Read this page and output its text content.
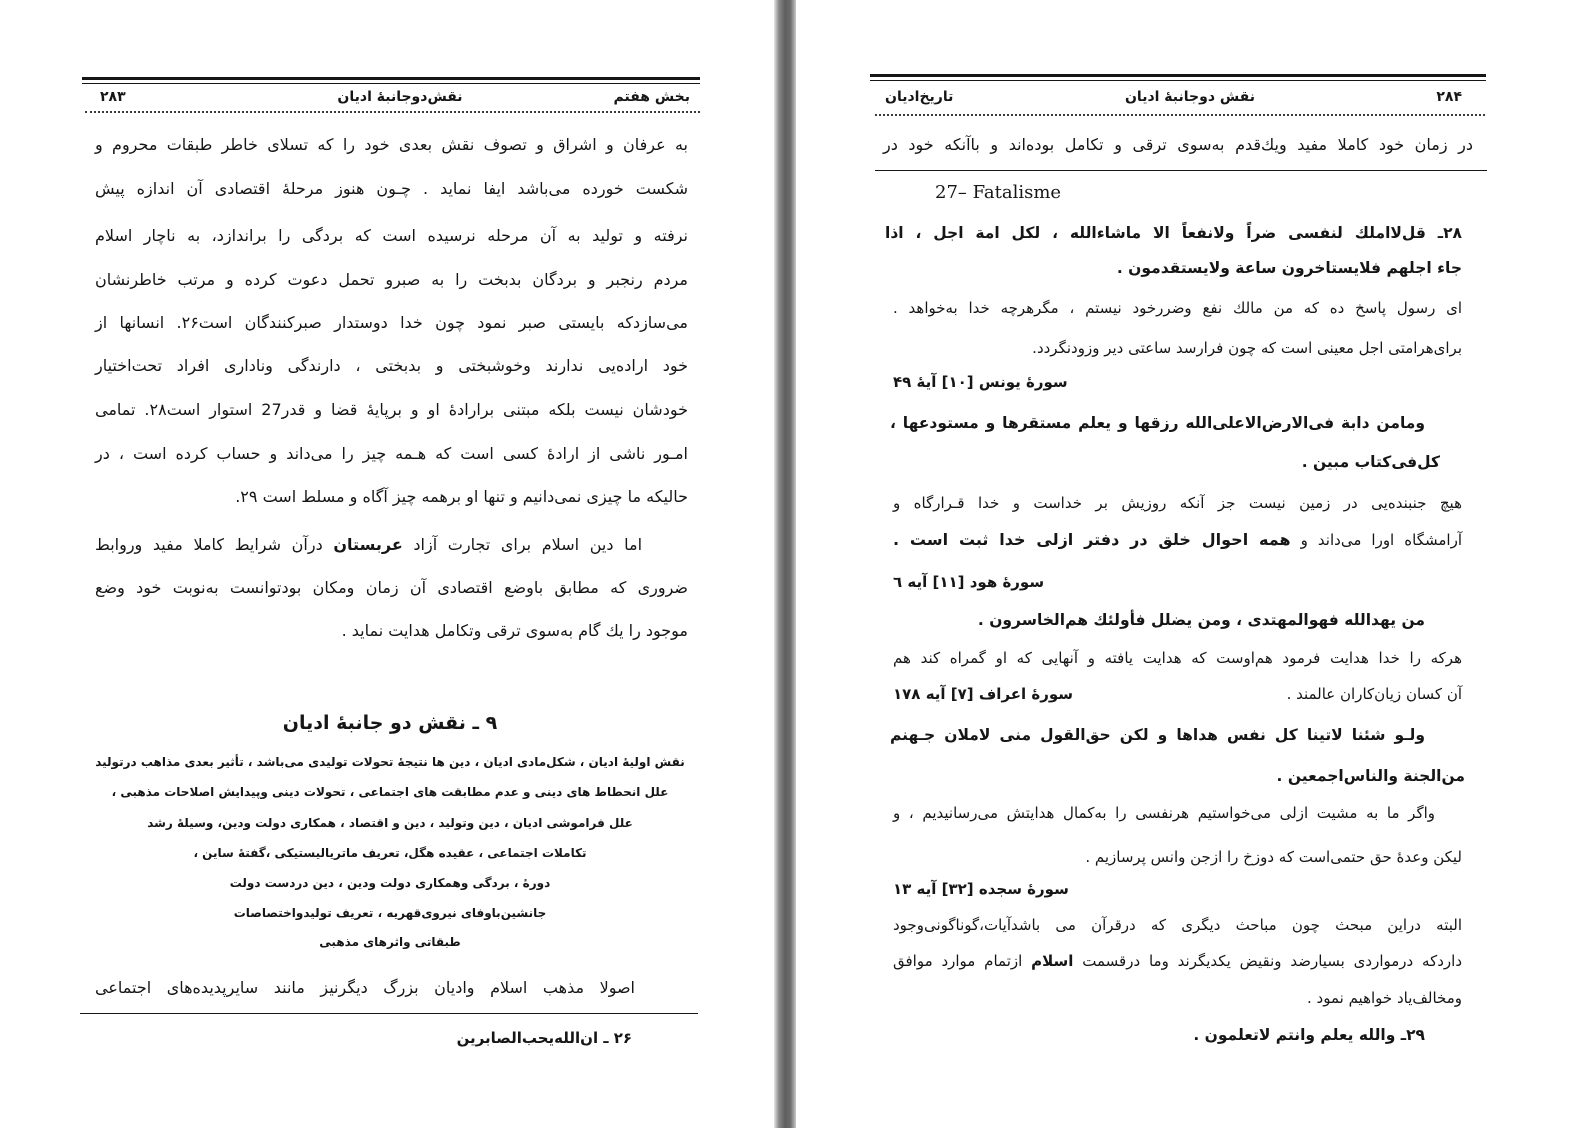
بخش هفتم
نقش‌دوجانبهٔ ادیان
۲۸۳
به عرفان و اشراق و تصوف نقش بعدی خود را که تسلای خاطر طبقات محروم و
شکست خورده می‌باشد ایفا نماید . چـون هنوز مرحلهٔ اقتصادی آن اندازه پیش
نرفته و تولید به آن مرحله نرسیده است که بردگی را براندازد، به ناچار اسلام
مردم رنجبر و بردگان بدبخت را به صبرو تحمل دعوت کرده و مرتب خاطرنشان
می‌سازدکه بایستی صبر نمود چون خدا دوستدار صبرکنندگان است۲۶. انسانها از
خود اراده‌یی ندارند وخوشبختی و بدبختی ، دارندگی وناداری افراد تحت‌اختیار
خودشان نیست بلکه مبتنی برارادهٔ او و برپایهٔ قضا و قدر27 استوار است۲۸. تمامی
امـور ناشی از ارادهٔ کسی است که هـمه چیز را می‌داند و حساب کرده است ، در
حالیکه ما چیزی نمی‌دانیم و تنها او برهمه چیز آگاه و مسلط است ۲۹.
اما دین اسلام برای تجارت آزاد عربستان درآن شرایط کاملا مفید وروابط
ضروری که مطابق باوضع اقتصادی آن زمان ومکان بودتوانست به‌نوبت خود وضع
موجود را یك گام به‌سوی ترقی وتکامل هدایت نماید .
۹ ـ نقش دو جانبهٔ ادیان
نقش اولیهٔ ادیان ، شکل‌مادی ادیان ، دین ها نتیجهٔ تحولات تولیدی می‌باشد ، تأثیر بعدی مذاهب درتولید
علل انحطاط های دینی و عدم مطابقت های اجتماعی ، تحولات دینی وپیدایش اصلاحات مذهبی ،
علل فراموشی ادیان ، دین وتولید ، دین و اقتصاد ، همکاری دولت ودین، وسیلهٔ رشد
تکاملات اجتماعی ، عقیده هگل، تعریف ماتریالیستیکی ،گفتهٔ ساین ،
دورهٔ ، بردگی وهمکاری دولت ودین ، دین دردست دولت
جانشین‌باوفای نیروی‌قهریه ، تعریف تولیدواختصاصات
طبقاتی واثرهای مذهبی
اصولا مذهب اسلام وادیان بزرگ دیگرنیز مانند سایرپدیده‌های اجتماعی
۲۶ ـ ان‌الله‌یحب‌الصابرین
تاریخ‌ادیان	نقش دوجانبهٔ ادیان	۲۸۴
در زمان خود کاملا مفید ویك‌قدم به‌سوی ترقی و تکامل بوده‌اند و باآنکه خود در
27– Fatalisme
۲۸ـ قل‌لااملك لنفسی ضراً ولانفعاً الا ماشاءالله ، لکل امة اجل ، اذا
جاء اجلهم فلایستاخرون ساعة ولایستقدمون .
ای رسول پاسخ ده که من مالك نفع وضررخود نیستم ، مگرهرچه خدا به‌خواهد .
برای‌هرامتی اجل معینی است که چون فرارسد ساعتی دیر وزودنگردد.
سورهٔ یونس [۱۰] آیهٔ ۴۹
ومامن دابة فی‌الارض‌الاعلی‌الله رزقها و یعلم مستقرها و مستودعها ،
کل‌فی‌کتاب مبین .
هیچ جنبنده‌یی در زمین نیست جز آنکه روزیش بر خداست و خدا قـرارگاه و
آرامشگاه اورا می‌داند و همه احوال خلق در دفتر ازلی خدا ثبت است .
سورهٔ هود [۱۱] آیه ٦
من یهدالله فهوالمهتدی ، ومن یضلل فأولئك هم‌الخاسرون .
هرکه را خدا هدایت فرمود هم‌اوست که هدایت یافته و آنهایی که او گمراه کند هم
آن کسان زیان‌کاران عالمند .
سورهٔ اعراف [۷] آیه ۱۷۸
ولـو شئنا لاتینا کل نفس هداها و لکن حق‌القول منی لاملان جـهنم
من‌الجنة والناس‌اجمعین .
واگر ما به مشیت ازلی می‌خواستیم هرنفسی را به‌کمال هدایتش می‌رسانیدیم ، و
لیکن وعدهٔ حق حتمی‌است که دوزخ را ازجن وانس پرسازیم .
سورهٔ سجده [۳۲] آیه ۱۳
البته دراین مبحث چون مباحث دیگری که درقرآن می باشدآیات،گوناگونی‌وجود
داردکه درمواردی بسیارضد ونقیض یکدیگرند وما درقسمت اسلام ازتمام موارد موافق
ومخالف‌یاد خواهیم نمود .
۲۹ـ والله یعلم وانتم لاتعلمون .
